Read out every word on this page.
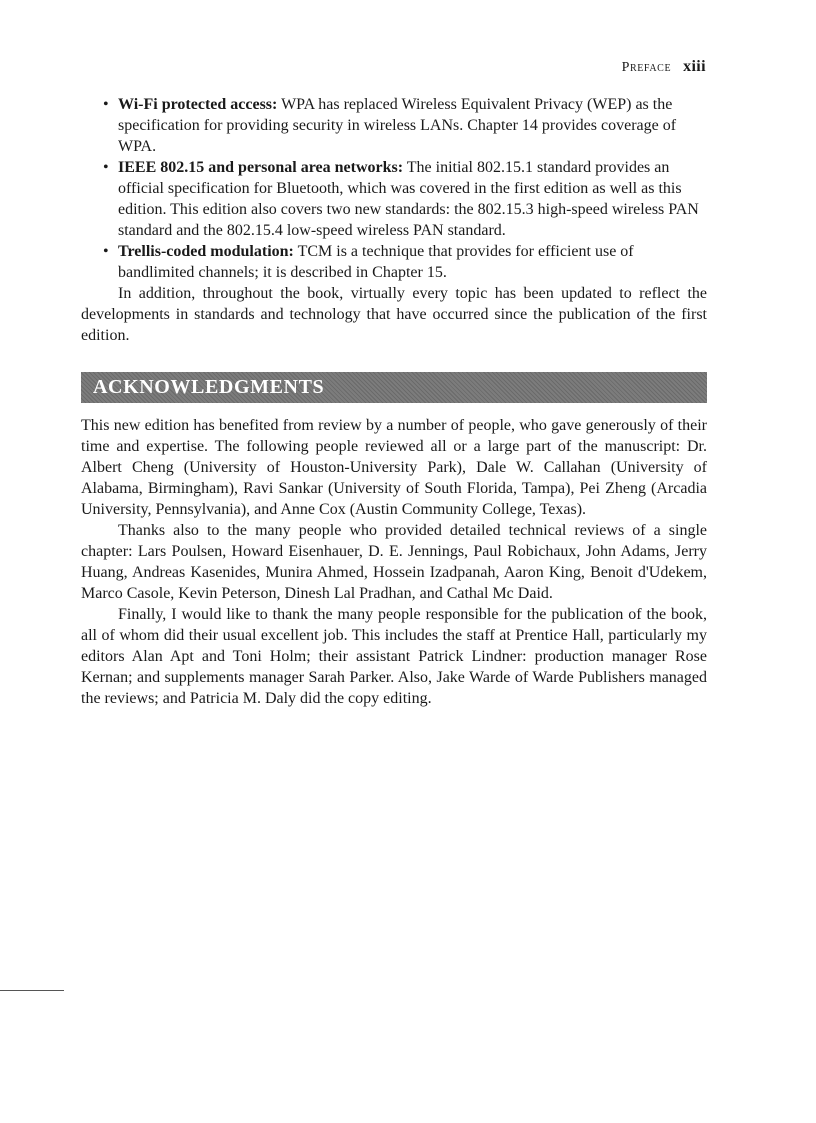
Preface xiii
• Wi-Fi protected access: WPA has replaced Wireless Equivalent Privacy (WEP) as the specification for providing security in wireless LANs. Chapter 14 provides coverage of WPA.
• IEEE 802.15 and personal area networks: The initial 802.15.1 standard provides an official specification for Bluetooth, which was covered in the first edition as well as this edition. This edition also covers two new standards: the 802.15.3 high-speed wireless PAN standard and the 802.15.4 low-speed wireless PAN standard.
• Trellis-coded modulation: TCM is a technique that provides for efficient use of bandlimited channels; it is described in Chapter 15.

In addition, throughout the book, virtually every topic has been updated to reflect the developments in standards and technology that have occurred since the publication of the first edition.

ACKNOWLEDGMENTS

This new edition has benefited from review by a number of people, who gave generously of their time and expertise. The following people reviewed all or a large part of the manuscript: Dr. Albert Cheng (University of Houston-University Park), Dale W. Callahan (University of Alabama, Birmingham), Ravi Sankar (University of South Florida, Tampa), Pei Zheng (Arcadia University, Pennsylvania), and Anne Cox (Austin Community College, Texas).

Thanks also to the many people who provided detailed technical reviews of a single chapter: Lars Poulsen, Howard Eisenhauer, D. E. Jennings, Paul Robichaux, John Adams, Jerry Huang, Andreas Kasenides, Munira Ahmed, Hossein Izadpanah, Aaron King, Benoit d'Udekem, Marco Casole, Kevin Peterson, Dinesh Lal Pradhan, and Cathal Mc Daid.

Finally, I would like to thank the many people responsible for the publication of the book, all of whom did their usual excellent job. This includes the staff at Prentice Hall, particularly my editors Alan Apt and Toni Holm; their assistant Patrick Lindner: production manager Rose Kernan; and supplements manager Sarah Parker. Also, Jake Warde of Warde Publishers managed the reviews; and Patricia M. Daly did the copy editing.
